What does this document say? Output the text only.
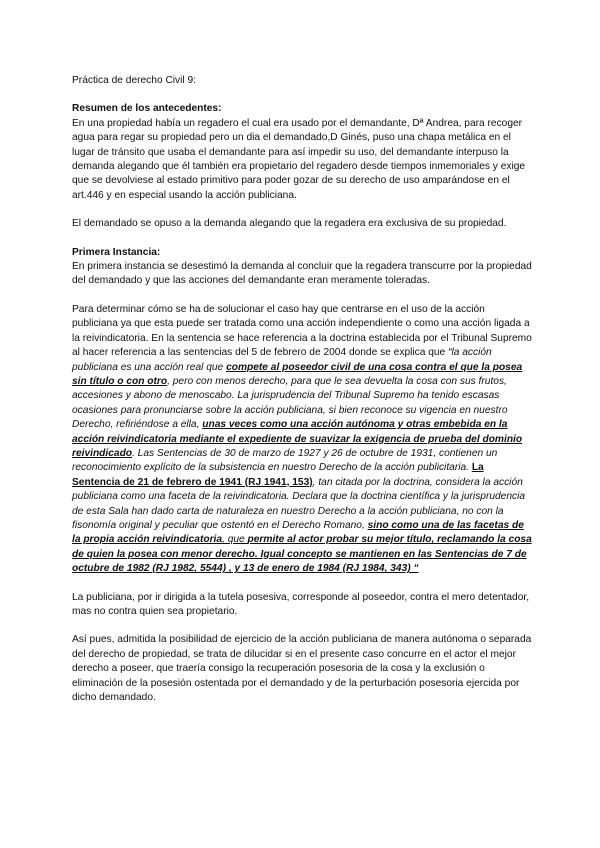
Práctica de derecho Civil 9:

Resumen de los antecedentes:

En una propiedad había un regadero el cual era usado por el demandante, Dª Andrea, para recoger agua para regar su propiedad pero un dia el demandado,D Ginés, puso una chapa metálica en el lugar de tránsito que usaba el demandante para así impedir su uso, del demandante interpuso la demanda alegando que él también era propietario del regadero desde tiempos inmemoriales y exige que se devolviese al estado primitivo para poder gozar de su derecho de uso amparándose en el art.446 y en especial usando la acción publiciana.

El demandado se opuso a la demanda alegando que la regadera era exclusiva de su propiedad.

Primera Instancia:

En primera instancia se desestimó la demanda al concluir que la regadera transcurre por la propiedad del demandado y que las acciones del demandante eran meramente toleradas.

Para determinar cómo se ha de solucionar el caso hay que centrarse en el uso de la acción publiciana ya que esta puede ser tratada como una acción independiente o como una acción ligada a la reivindicatoria. En la sentencia se hace referencia a la doctrina establecida por el Tribunal Supremo al hacer referencia a las sentencias del 5 de febrero de 2004 donde se explica que “la acción publiciana es una acción real que compete al poseedor civil de una cosa contra el que la posea sin título o con otro, pero con menos derecho, para que le sea devuelta la cosa con sus frutos, accesiones y abono de menoscabo. La jurisprudencia del Tribunal Supremo ha tenido escasas ocasiones para pronunciarse sobre la acción publiciana, si bien reconoce su vigencia en nuestro Derecho, refiriéndose a ella, unas veces como una acción autónoma y otras embebida en la acción reivindicatoria mediante el expediente de suavizar la exigencia de prueba del dominio reivindicado. Las Sentencias de 30 de marzo de 1927 y 26 de octubre de 1931, contienen un reconocimiento explícito de la subsistencia en nuestro Derecho de la acción publicitaria. La Sentencia de 21 de febrero de 1941 (RJ 1941, 153), tan citada por la doctrina, considera la acción publiciana como una faceta de la reivindicatoria. Declara que la doctrina científica y la jurisprudencia de esta Sala han dado carta de naturaleza en nuestro Derecho a la acción publiciana, no con la fisonomía original y peculiar que ostentó en el Derecho Romano, sino como una de las facetas de la propia acción reivindicatoria, que permite al actor probar su mejor título, reclamando la cosa de quien la posea con menor derecho. Igual concepto se mantienen en las Sentencias de 7 de octubre de 1982 (RJ 1982, 5544) , y 13 de enero de 1984 (RJ 1984, 343) “

La publiciana, por ir dirigida a la tutela posesiva, corresponde al poseedor, contra el mero detentador, mas no contra quien sea propietario.

Así pues, admitida la posibilidad de ejercicio de la acción publiciana de manera autónoma o separada del derecho de propiedad, se trata de dilucidar si en el presente caso concurre en el actor el mejor derecho a poseer, que traería consigo la recuperación posesoria de la cosa y la exclusión o eliminación de la posesión ostentada por el demandado y de la perturbación posesoria ejercida por dicho demandado.
